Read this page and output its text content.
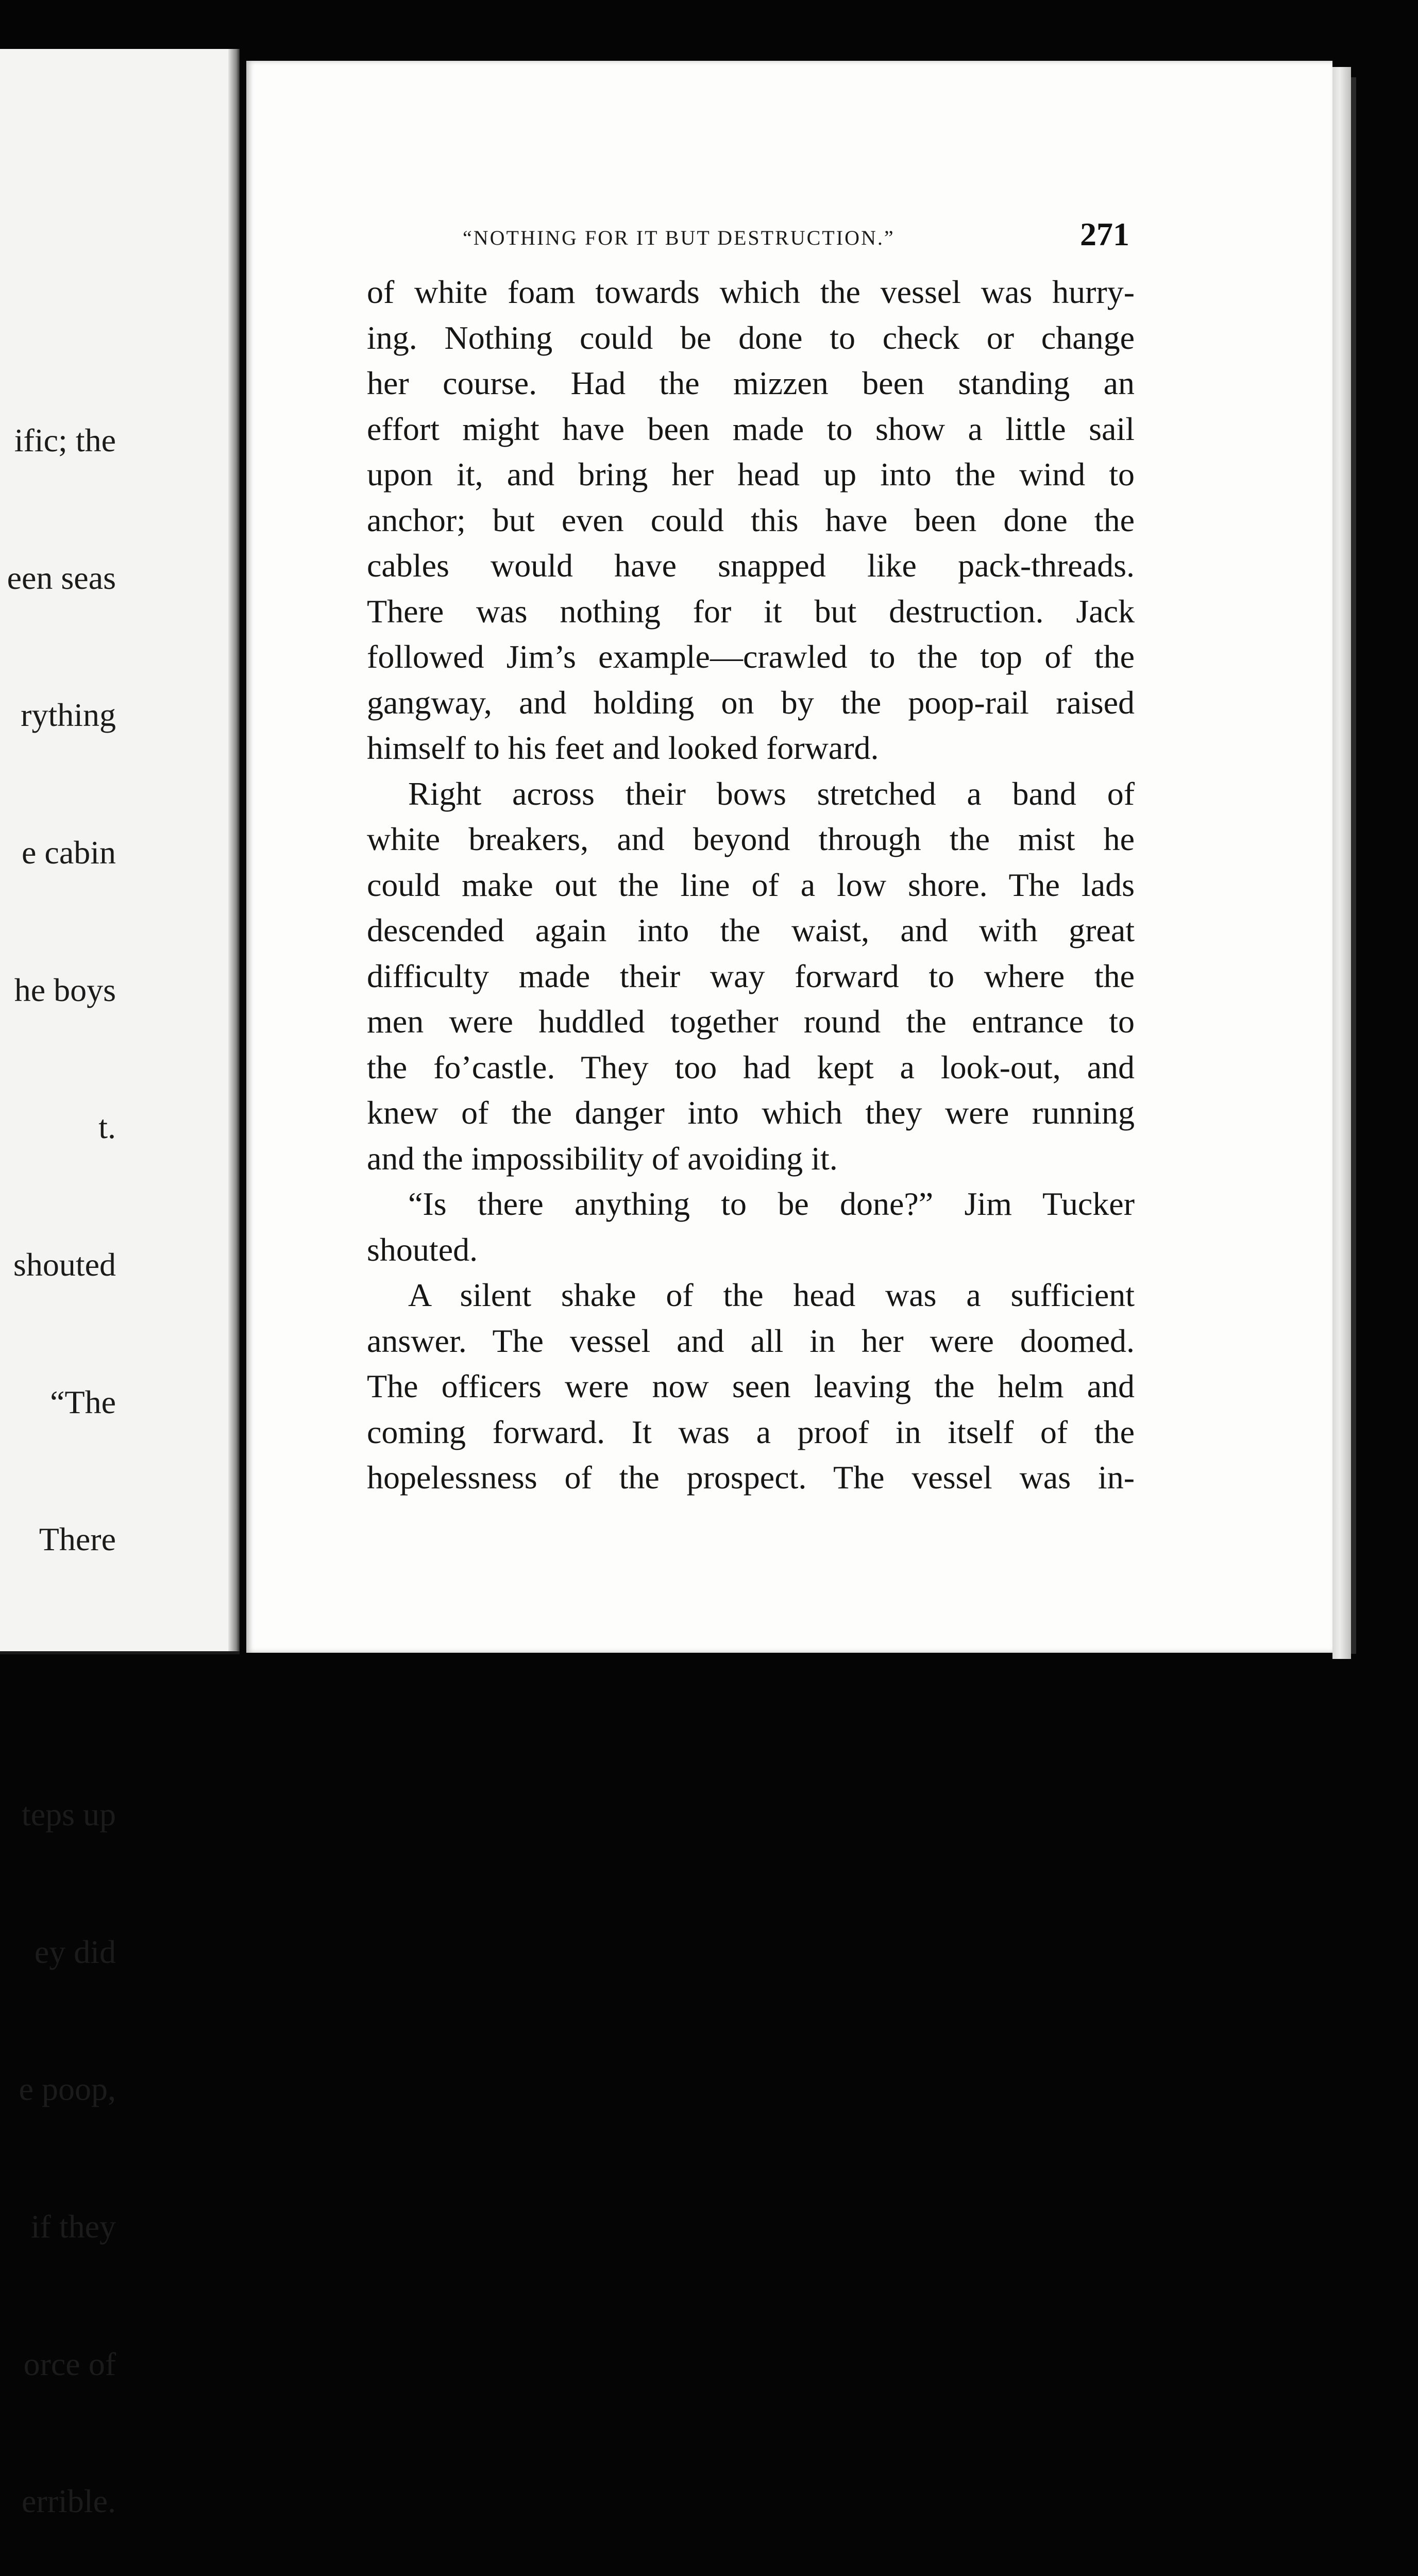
ific; the

een seas

rything

e cabin

he boys

t.

shouted

“The

There

teps up

ey did

e poop,

if they

orce of

errible.

“NOTHING FOR IT BUT DESTRUCTION.”	271
of white foam towards which the vessel was hurry-
ing. Nothing could be done to check or change
her course. Had the mizzen been standing an
effort might have been made to show a little sail
upon it, and bring her head up into the wind to
anchor; but even could this have been done the
cables would have snapped like pack-threads.
There was nothing for it but destruction. Jack
followed Jim’s example—crawled to the top of the
gangway, and holding on by the poop-rail raised
himself to his feet and looked forward.
Right across their bows stretched a band of
white breakers, and beyond through the mist he
could make out the line of a low shore. The lads
descended again into the waist, and with great
difficulty made their way forward to where the
men were huddled together round the entrance to
the fo’castle. They too had kept a look-out, and
knew of the danger into which they were running
and the impossibility of avoiding it.
“Is there anything to be done?” Jim Tucker
shouted.
A silent shake of the head was a sufficient
answer. The vessel and all in her were doomed.
The officers were now seen leaving the helm and
coming forward. It was a proof in itself of the
hopelessness of the prospect. The vessel was in-
